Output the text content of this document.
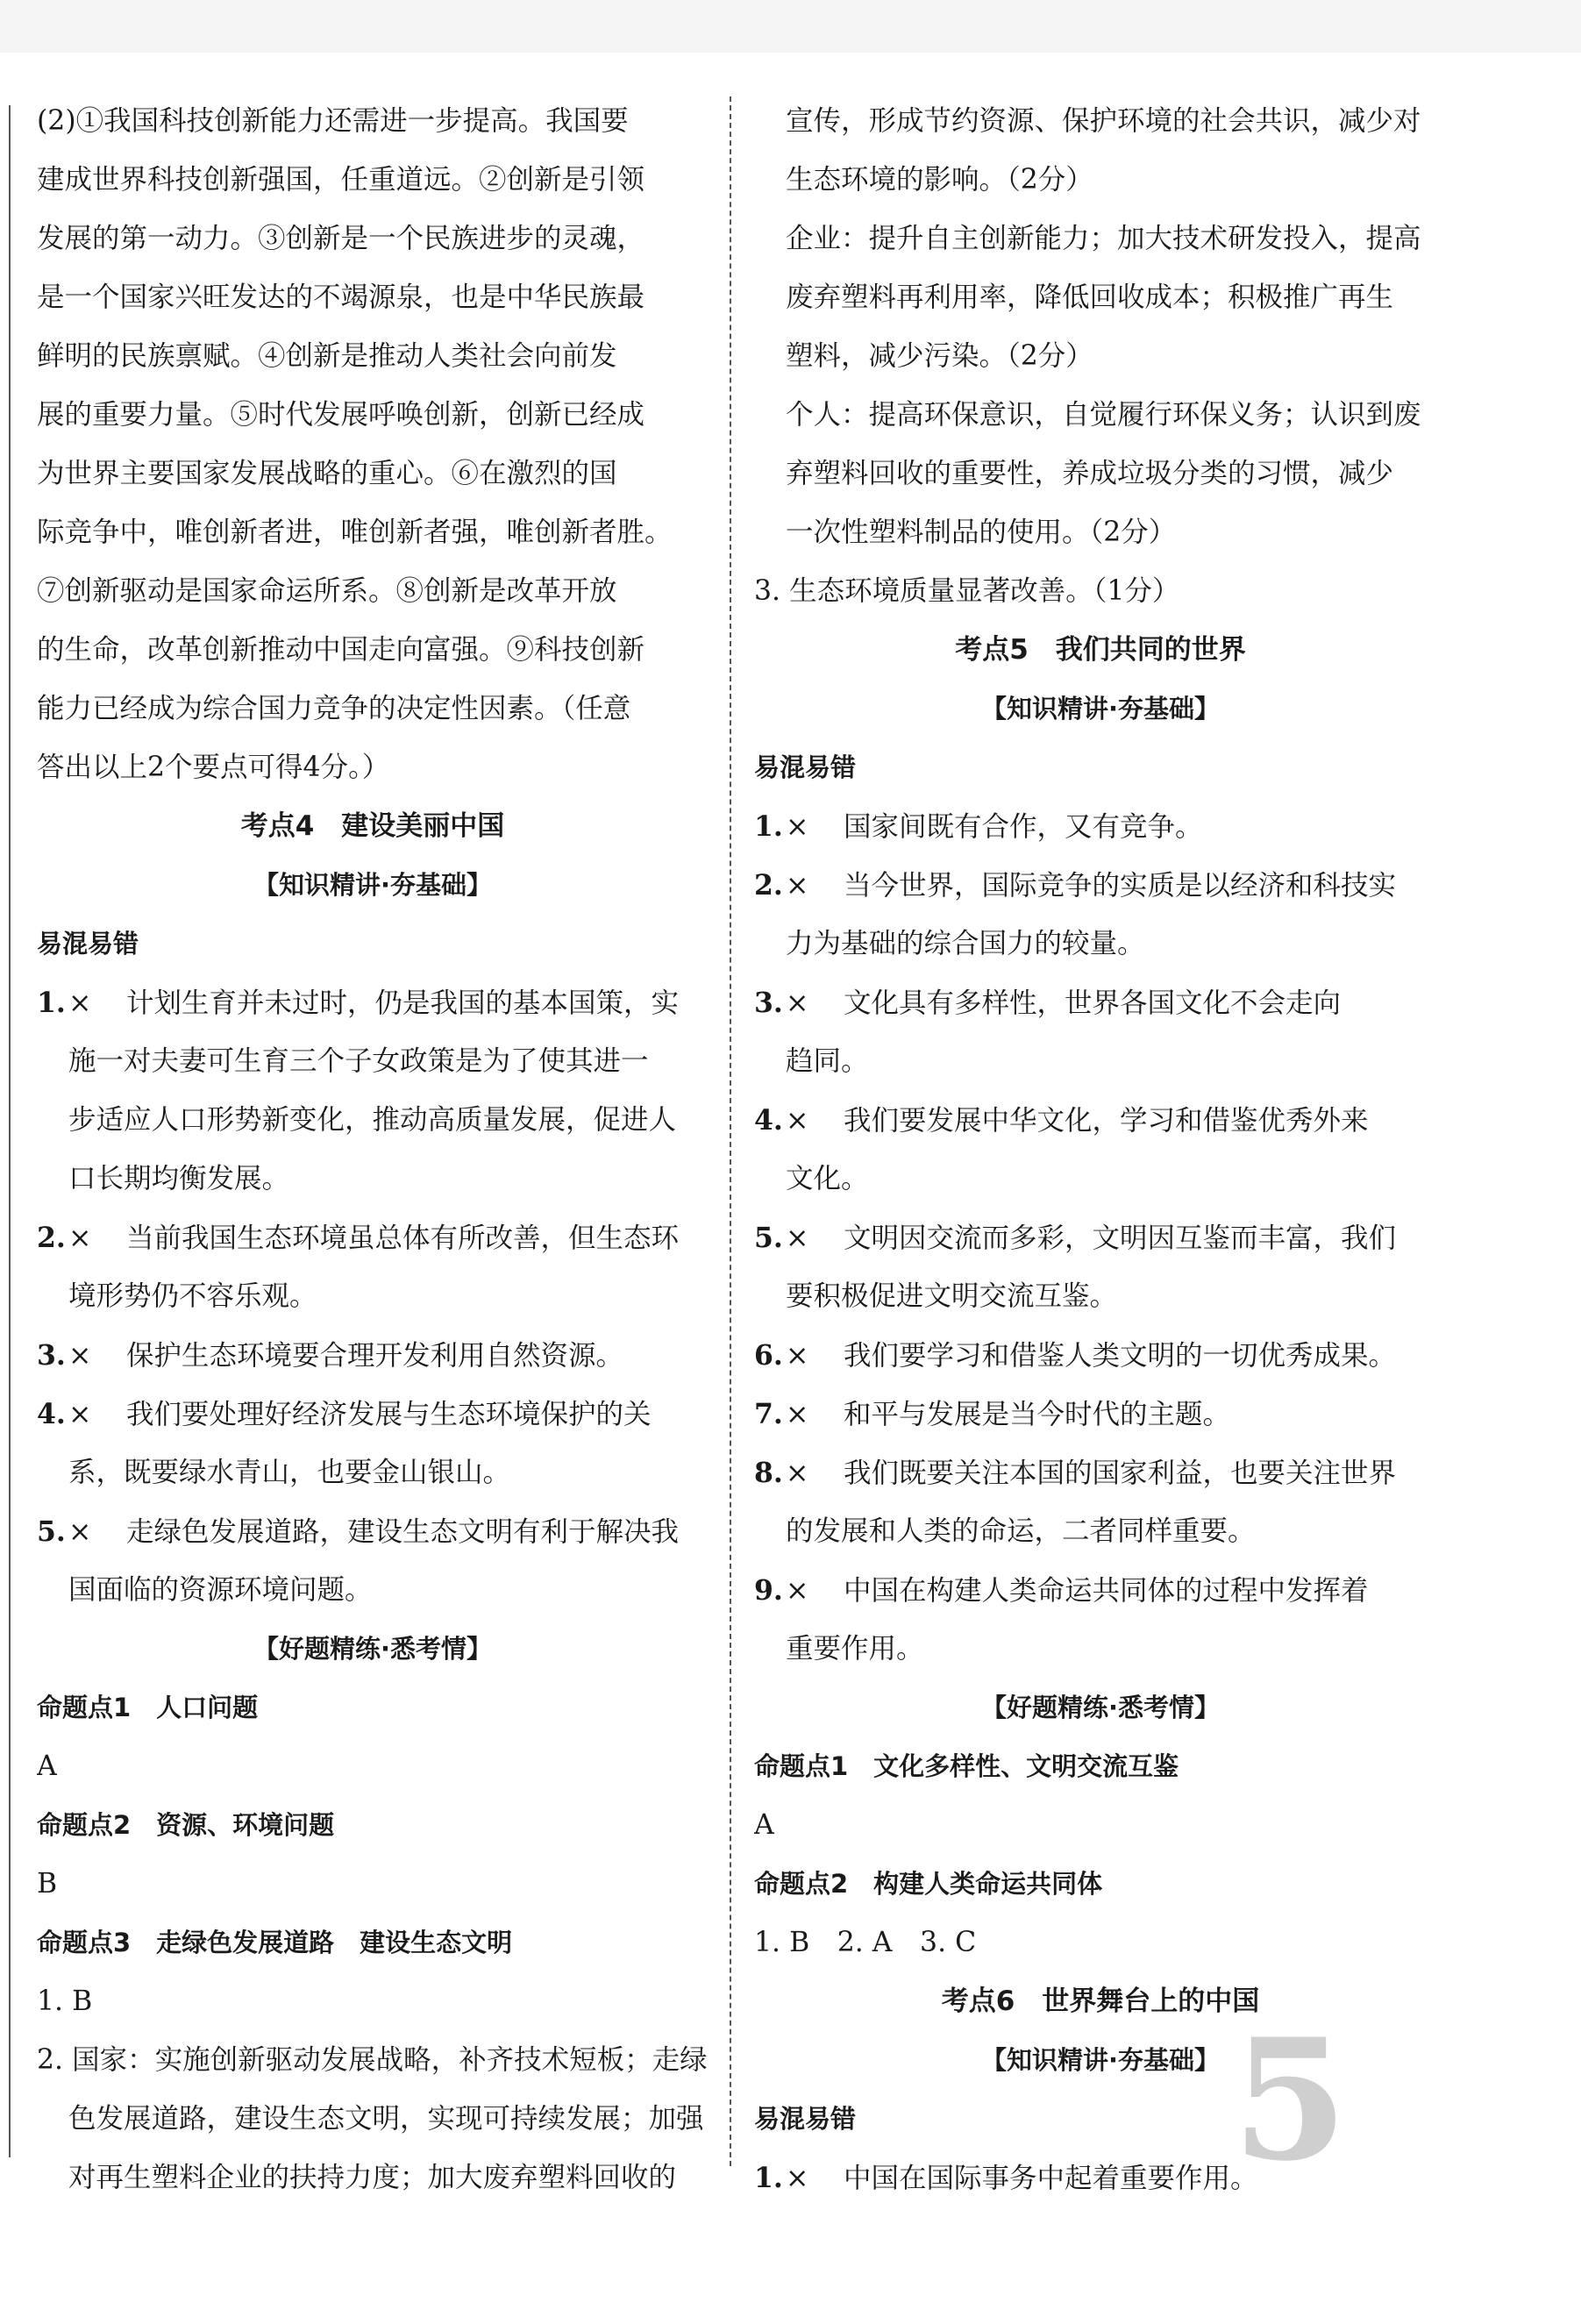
(2)①我国科技创新能力还需进一步提高。我国要
建成世界科技创新强国，任重道远。②创新是引领
发展的第一动力。③创新是一个民族进步的灵魂，
是一个国家兴旺发达的不竭源泉，也是中华民族最
鲜明的民族禀赋。④创新是推动人类社会向前发
展的重要力量。⑤时代发展呼唤创新，创新已经成
为世界主要国家发展战略的重心。⑥在激烈的国
际竞争中，唯创新者进，唯创新者强，唯创新者胜。
⑦创新驱动是国家命运所系。⑧创新是改革开放
的生命，改革创新推动中国走向富强。⑨科技创新
能力已经成为综合国力竞争的决定性因素。（任意
答出以上2个要点可得4分。）
考点4　建设美丽中国
【知识精讲·夯基础】
易混易错
1.× 计划生育并未过时，仍是我国的基本国策，实
施一对夫妻可生育三个子女政策是为了使其进一
步适应人口形势新变化，推动高质量发展，促进人
口长期均衡发展。
2.× 当前我国生态环境虽总体有所改善，但生态环
境形势仍不容乐观。
3.× 保护生态环境要合理开发利用自然资源。
4.× 我们要处理好经济发展与生态环境保护的关
系，既要绿水青山，也要金山银山。
5.× 走绿色发展道路，建设生态文明有利于解决我
国面临的资源环境问题。
【好题精练·悉考情】
命题点1　人口问题
A
命题点2　资源、环境问题
B
命题点3　走绿色发展道路　建设生态文明
1. B
2. 国家：实施创新驱动发展战略，补齐技术短板；走绿
色发展道路，建设生态文明，实现可持续发展；加强
对再生塑料企业的扶持力度；加大废弃塑料回收的
宣传，形成节约资源、保护环境的社会共识，减少对
生态环境的影响。（2分）
企业：提升自主创新能力；加大技术研发投入，提高
废弃塑料再利用率，降低回收成本；积极推广再生
塑料，减少污染。（2分）
个人：提高环保意识，自觉履行环保义务；认识到废
弃塑料回收的重要性，养成垃圾分类的习惯，减少
一次性塑料制品的使用。（2分）
3. 生态环境质量显著改善。（1分）
考点5　我们共同的世界
【知识精讲·夯基础】
易混易错
1.× 国家间既有合作，又有竞争。
2.× 当今世界，国际竞争的实质是以经济和科技实
力为基础的综合国力的较量。
3.× 文化具有多样性，世界各国文化不会走向
趋同。
4.× 我们要发展中华文化，学习和借鉴优秀外来
文化。
5.× 文明因交流而多彩，文明因互鉴而丰富，我们
要积极促进文明交流互鉴。
6.× 我们要学习和借鉴人类文明的一切优秀成果。
7.× 和平与发展是当今时代的主题。
8.× 我们既要关注本国的国家利益，也要关注世界
的发展和人类的命运，二者同样重要。
9.× 中国在构建人类命运共同体的过程中发挥着
重要作用。
【好题精练·悉考情】
命题点1　文化多样性、文明交流互鉴
A
命题点2　构建人类命运共同体
1. B　2. A　3. C
考点6　世界舞台上的中国
【知识精讲·夯基础】
易混易错
1.× 中国在国际事务中起着重要作用。
5
